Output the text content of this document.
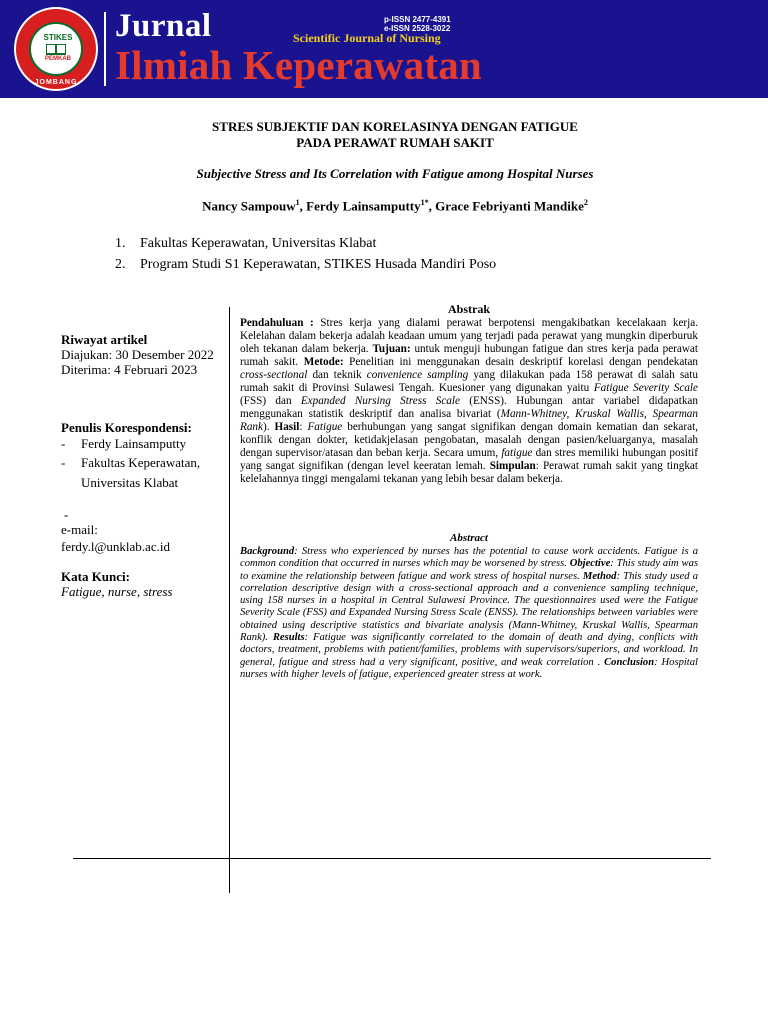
STIKES
PEMKAB
JOMBANG
Jurnal
Ilmiah Keperawatan
p-ISSN 2477-4391
e-ISSN 2528-3022
Scientific Journal of Nursing
STRES SUBJEKTIF DAN KORELASINYA DENGAN FATIGUE
PADA PERAWAT RUMAH SAKIT
Subjective Stress and Its Correlation with Fatigue among Hospital Nurses
Nancy Sampouw$^1$, Ferdy Lainsamputty$^{1*}$, Grace Febriyanti Mandike$^2$
1. Fakultas Keperawatan, Universitas Klabat
2. Program Studi S1 Keperawatan, STIKES Husada Mandiri Poso
Riwayat artikel
Diajukan: 30 Desember 2022
Diterima: 4 Februari 2023
Penulis Korespondensi:
- Ferdy Lainsamputty
- Fakultas Keperawatan, Universitas Klabat
-
e-mail:
ferdy.l@unklab.ac.id
Kata Kunci:
Fatigue, nurse, stress
Abstrak
Pendahuluan : Stres kerja yang dialami perawat berpotensi mengakibatkan kecelakaan kerja. Kelelahan dalam bekerja adalah keadaan umum yang terjadi pada perawat yang mungkin diperburuk oleh tekanan dalam bekerja. Tujuan: untuk menguji hubungan fatigue dan stres kerja pada perawat rumah sakit. Metode: Penelitian ini menggunakan desain deskriptif korelasi dengan pendekatan cross-sectional dan teknik convenience sampling yang dilakukan pada 158 perawat di salah satu rumah sakit di Provinsi Sulawesi Tengah. Kuesioner yang digunakan yaitu Fatigue Severity Scale (FSS) dan Expanded Nursing Stress Scale (ENSS). Hubungan antar variabel didapatkan menggunakan statistik deskriptif dan analisa bivariat (Mann-Whitney, Kruskal Wallis, Spearman Rank). Hasil: Fatigue berhubungan yang sangat signifikan dengan domain kematian dan sekarat, konflik dengan dokter, ketidakjelasan pengobatan, masalah dengan pasien/keluarganya, masalah dengan supervisor/atasan dan beban kerja. Secara umum, fatigue dan stres memiliki hubungan positif yang sangat signifikan (dengan level keeratan lemah. Simpulan: Perawat rumah sakit yang tingkat kelelahannya tinggi mengalami tekanan yang lebih besar dalam bekerja.
Abstract
Background: Stress who experienced by nurses has the potential to cause work accidents. Fatigue is a common condition that occurred in nurses which may be worsened by stress. Objective: This study aim was to examine the relationship between fatigue and work stress of hospital nurses. Method: This study used a correlation descriptive design with a cross-sectional approach and a convenience sampling technique, using 158 nurses in a hospital in Central Sulawesi Province. The questionnaires used were the Fatigue Severity Scale (FSS) and Expanded Nursing Stress Scale (ENSS). The relationships between variables were obtained using descriptive statistics and bivariate analysis (Mann-Whitney, Kruskal Wallis, Spearman Rank). Results: Fatigue was significantly correlated to the domain of death and dying, conflicts with doctors, treatment, problems with patient/families, problems with supervisors/superiors, and workload. In general, fatigue and stress had a very significant, positive, and weak correlation . Conclusion: Hospital nurses with higher levels of fatigue, experienced greater stress at work.
